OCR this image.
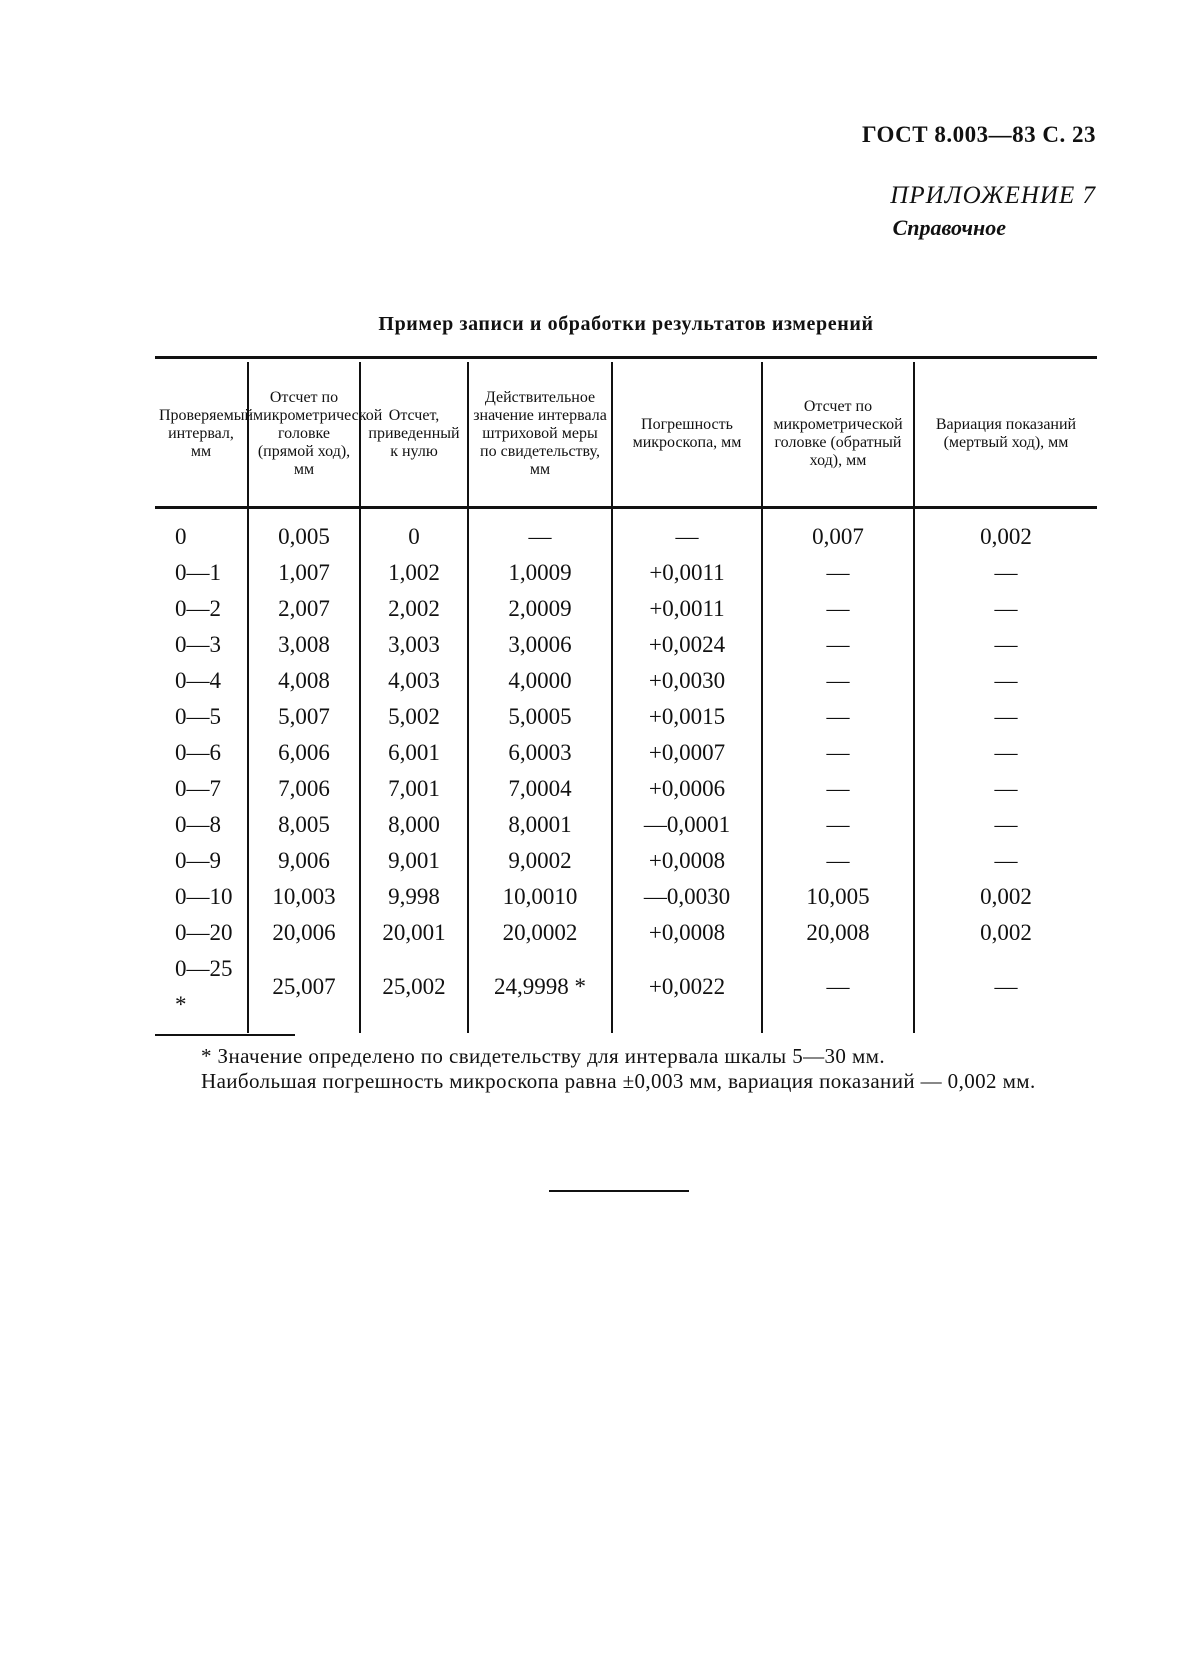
ГОСТ 8.003—83 С. 23
ПРИЛОЖЕНИЕ 7
Справочное
Пример записи и обработки результатов измерений
Проверяемый интервал, мм	Отсчет по микрометрической головке (прямой ход), мм	Отсчет, приведенный к нулю	Действительное значение интервала штриховой меры по свидетельству, мм	Погрешность микроскопа, мм	Отсчет по микрометрической головке (обратный ход), мм	Вариация показаний (мертвый ход), мм
0	0,005	0	—	—	0,007	0,002
0—1	1,007	1,002	1,0009	+0,0011	—	—
0—2	2,007	2,002	2,0009	+0,0011	—	—
0—3	3,008	3,003	3,0006	+0,0024	—	—
0—4	4,008	4,003	4,0000	+0,0030	—	—
0—5	5,007	5,002	5,0005	+0,0015	—	—
0—6	6,006	6,001	6,0003	+0,0007	—	—
0—7	7,006	7,001	7,0004	+0,0006	—	—
0—8	8,005	8,000	8,0001	—0,0001	—	—
0—9	9,006	9,001	9,0002	+0,0008	—	—
0—10	10,003	9,998	10,0010	—0,0030	10,005	0,002
0—20	20,006	20,001	20,0002	+0,0008	20,008	0,002
0—25 *	25,007	25,002	24,9998 *	+0,0022	—	—
* Значение определено по свидетельству для интервала шкалы 5—30 мм.
Наибольшая погрешность микроскопа равна ±0,003 мм, вариация показаний — 0,002 мм.
